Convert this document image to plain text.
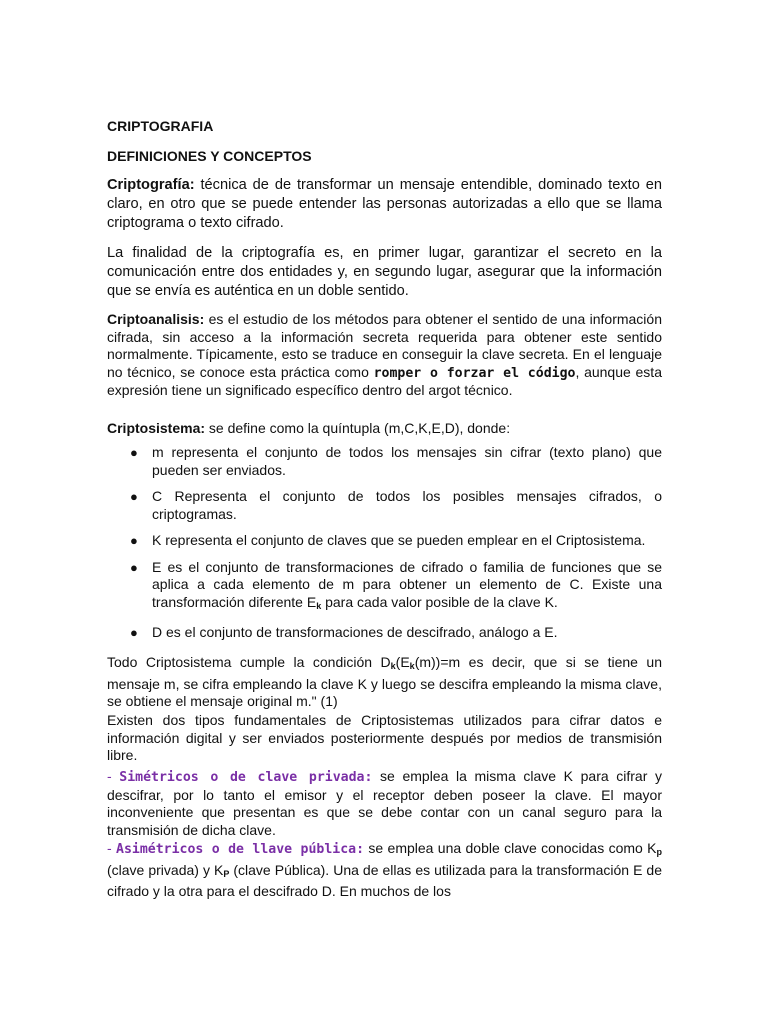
CRIPTOGRAFIA
DEFINICIONES Y CONCEPTOS

Criptografía: técnica de de transformar un mensaje entendible, dominado texto en claro, en otro que se puede entender las personas autorizadas a ello que se llama criptograma o texto cifrado.

La finalidad de la criptografía es, en primer lugar, garantizar el secreto en la comunicación entre dos entidades y, en segundo lugar, asegurar que la información que se envía es auténtica en un doble sentido.

Criptoanalisis: es el estudio de los métodos para obtener el sentido de una información cifrada, sin acceso a la información secreta requerida para obtener este sentido normalmente. Típicamente, esto se traduce en conseguir la clave secreta. En el lenguaje no técnico, se conoce esta práctica como romper o forzar el código, aunque esta expresión tiene un significado específico dentro del argot técnico.

Criptosistema: se define como la quíntupla (m,C,K,E,D), donde:

● m representa el conjunto de todos los mensajes sin cifrar (texto plano) que pueden ser enviados.
● C Representa el conjunto de todos los posibles mensajes cifrados, o criptogramas.
● K representa el conjunto de claves que se pueden emplear en el Criptosistema.
● E es el conjunto de transformaciones de cifrado o familia de funciones que se aplica a cada elemento de m para obtener un elemento de C. Existe una transformación diferente $E_k$ para cada valor posible de la clave K.
● D es el conjunto de transformaciones de descifrado, análogo a E.

Todo Criptosistema cumple la condición $D_k(E_k(m))=m$ es decir, que si se tiene un mensaje m, se cifra empleando la clave K y luego se descifra empleando la misma clave, se obtiene el mensaje original m." (1)

Existen dos tipos fundamentales de Criptosistemas utilizados para cifrar datos e información digital y ser enviados posteriormente después por medios de transmisión libre.

- Simétricos o de clave privada: se emplea la misma clave K para cifrar y descifrar, por lo tanto el emisor y el receptor deben poseer la clave. El mayor inconveniente que presentan es que se debe contar con un canal seguro para la transmisión de dicha clave.

- Asimétricos o de llave pública: se emplea una doble clave conocidas como $K_p$ (clave privada) y $K_P$ (clave Pública). Una de ellas es utilizada para la transformación E de cifrado y la otra para el descifrado D. En muchos de los
